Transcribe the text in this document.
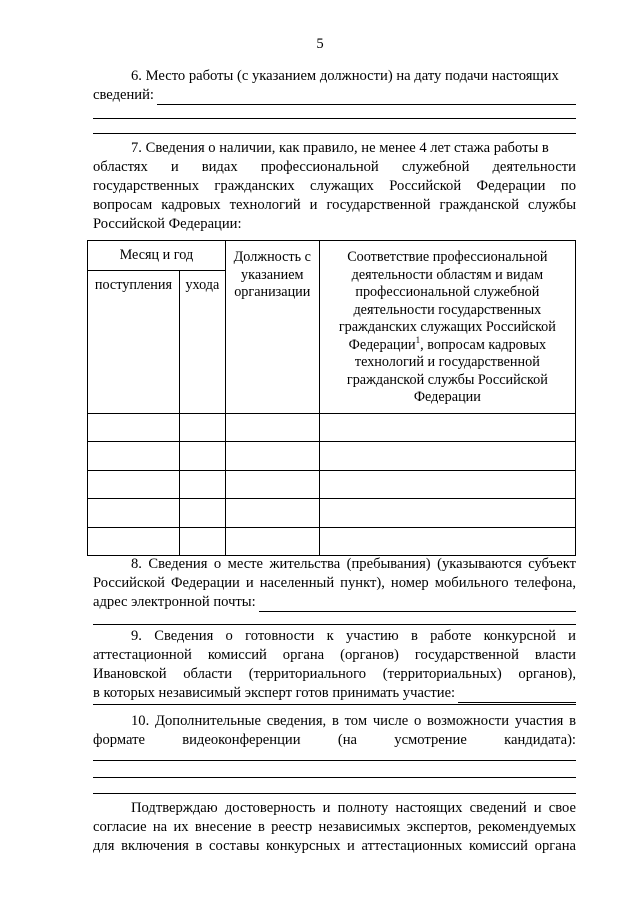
5
6. Место работы (с указанием должности) на дату подачи настоящих
сведений:
7. Сведения о наличии, как правило, не менее 4 лет стажа работы в
областях и видах профессиональной служебной деятельности
государственных гражданских служащих Российской Федерации по
вопросам кадровых технологий и государственной гражданской службы
Российской Федерации:
Месяц и год		Должность с указанием организации	Соответствие профессиональной деятельности областям и видам профессиональной служебной деятельности государственных гражданских служащих Российской Федерации$^1$, вопросам кадровых технологий и государственной гражданской службы Российской Федерации
поступления	ухода		

8. Сведения о месте жительства (пребывания) (указываются субъект
Российской Федерации и населенный пункт), номер мобильного телефона,
адрес электронной почты:
9. Сведения о готовности к участию в работе конкурсной и
аттестационной комиссий органа (органов) государственной власти
Ивановской области (территориального (территориальных) органов),
в которых независимый эксперт готов принимать участие:
10. Дополнительные сведения, в том числе о возможности участия в
формате	видеоконференции	(на	усмотрение	кандидата):
Подтверждаю достоверность и полноту настоящих сведений и свое
согласие на их внесение в реестр независимых экспертов, рекомендуемых
для включения в составы конкурсных и аттестационных комиссий органа
